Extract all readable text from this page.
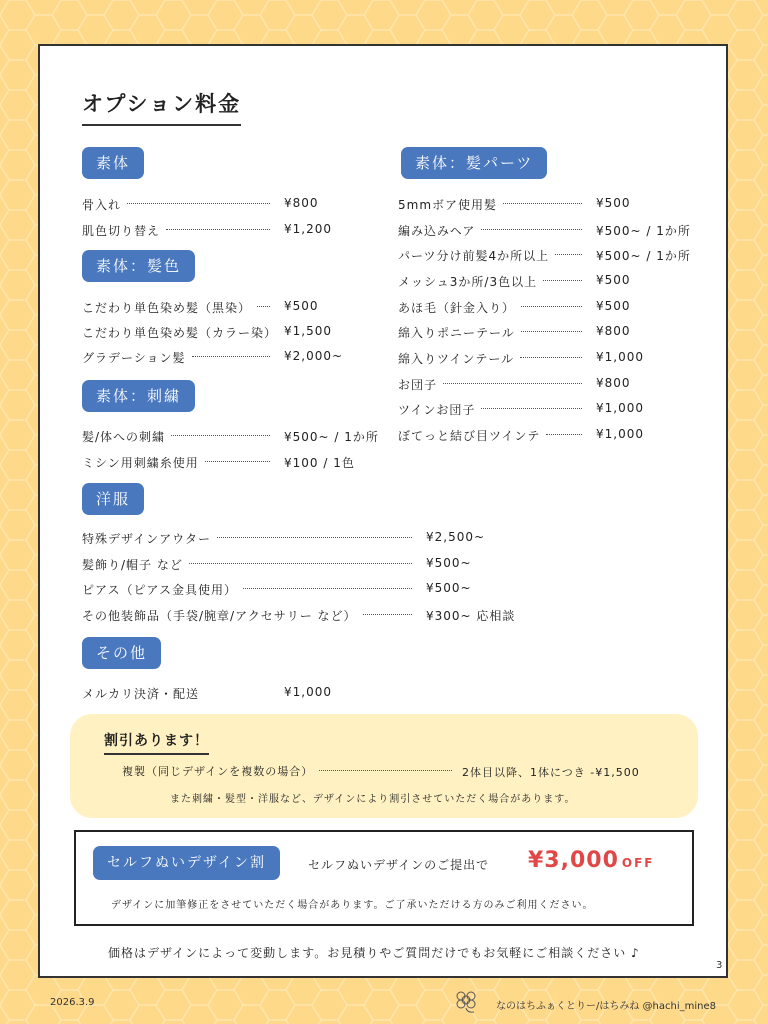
オプション料金
素体
骨入れ	¥800
肌色切り替え	¥1,200
素体：髪色
こだわり単色染め髪（黒染）	¥500
こだわり単色染め髪（カラー染） ¥1,500
グラデーション髪	¥2,000~
素体：刺繍
髪/体への刺繍	¥500~ / 1か所
ミシン用刺繍糸使用	¥100 / 1色
素体：髪パーツ
5mmボア使用髪	¥500
編み込みヘア	¥500~ / 1か所
パーツ分け前髪4か所以上	¥500~ / 1か所
メッシュ3か所/3色以上	¥500
あほ毛（針金入り）	¥500
綿入りポニーテール	¥800
綿入りツインテール	¥1,000
お団子	¥800
ツインお団子	¥1,000
ぼてっと結び目ツインテ	¥1,000
洋服
特殊デザインアウター	¥2,500~
髪飾り/帽子 など	¥500~
ピアス（ピアス金具使用）	¥500~
その他装飾品（手袋/腕章/アクセサリー など）	¥300~ 応相談
その他
メルカリ決済・配送	¥1,000
3
割引あります！
複製（同じデザインを複数の場合）	2体目以降、1体につき -¥1,500
また刺繍・髪型・洋服など、デザインにより割引させていただく場合があります。
セルフぬいデザイン割	セルフぬいデザインのご提出で ¥3,000 OFF
デザインに加筆修正をさせていただく場合があります。ご了承いただける方のみご利用ください。
価格はデザインによって変動します。お見積りやご質問だけでもお気軽にご相談ください ♪
2026.3.9	なのはちふぁくとりー/はちみね @hachi_mine8
